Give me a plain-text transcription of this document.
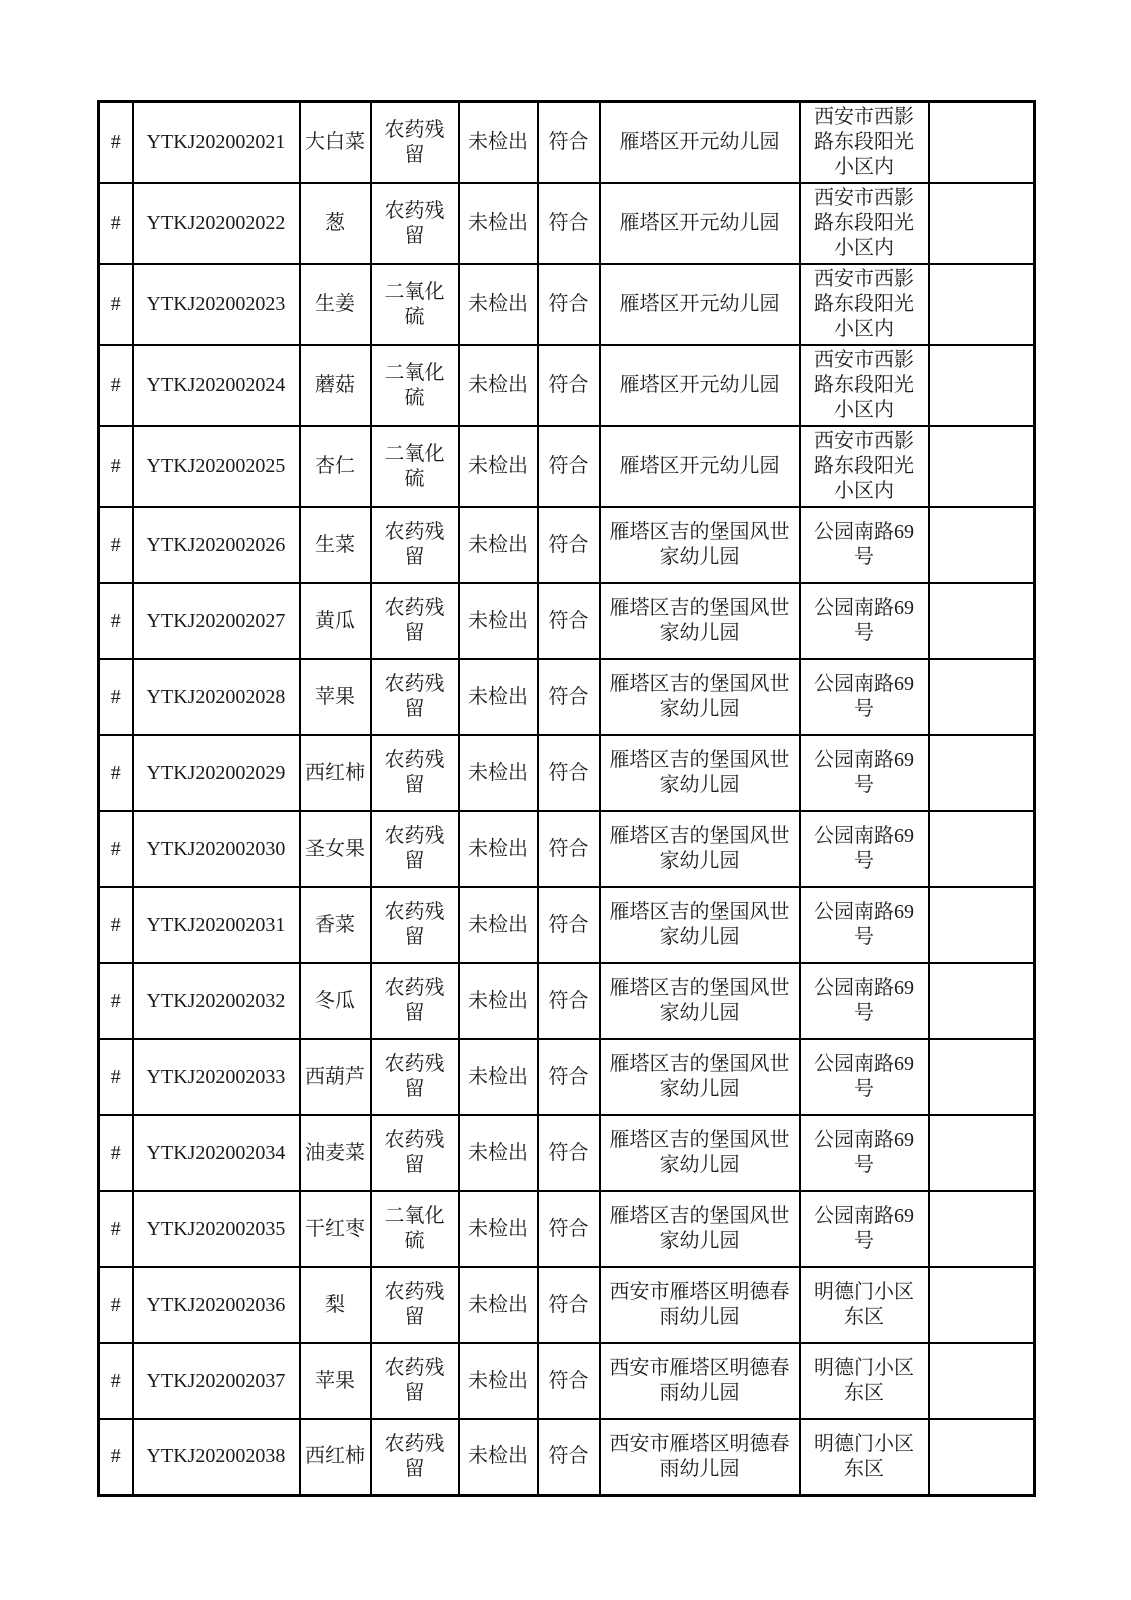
#	YTKJ202002021	大白菜	农药残留	未检出	符合	雁塔区开元幼儿园	西安市西影路东段阳光小区内	
#	YTKJ202002022	葱	农药残留	未检出	符合	雁塔区开元幼儿园	西安市西影路东段阳光小区内	
#	YTKJ202002023	生姜	二氧化硫	未检出	符合	雁塔区开元幼儿园	西安市西影路东段阳光小区内	
#	YTKJ202002024	蘑菇	二氧化硫	未检出	符合	雁塔区开元幼儿园	西安市西影路东段阳光小区内	
#	YTKJ202002025	杏仁	二氧化硫	未检出	符合	雁塔区开元幼儿园	西安市西影路东段阳光小区内	
#	YTKJ202002026	生菜	农药残留	未检出	符合	雁塔区吉的堡国风世家幼儿园	公园南路69号	
#	YTKJ202002027	黄瓜	农药残留	未检出	符合	雁塔区吉的堡国风世家幼儿园	公园南路69号	
#	YTKJ202002028	苹果	农药残留	未检出	符合	雁塔区吉的堡国风世家幼儿园	公园南路69号	
#	YTKJ202002029	西红柿	农药残留	未检出	符合	雁塔区吉的堡国风世家幼儿园	公园南路69号	
#	YTKJ202002030	圣女果	农药残留	未检出	符合	雁塔区吉的堡国风世家幼儿园	公园南路69号	
#	YTKJ202002031	香菜	农药残留	未检出	符合	雁塔区吉的堡国风世家幼儿园	公园南路69号	
#	YTKJ202002032	冬瓜	农药残留	未检出	符合	雁塔区吉的堡国风世家幼儿园	公园南路69号	
#	YTKJ202002033	西葫芦	农药残留	未检出	符合	雁塔区吉的堡国风世家幼儿园	公园南路69号	
#	YTKJ202002034	油麦菜	农药残留	未检出	符合	雁塔区吉的堡国风世家幼儿园	公园南路69号	
#	YTKJ202002035	干红枣	二氧化硫	未检出	符合	雁塔区吉的堡国风世家幼儿园	公园南路69号	
#	YTKJ202002036	梨	农药残留	未检出	符合	西安市雁塔区明德春雨幼儿园	明德门小区东区	
#	YTKJ202002037	苹果	农药残留	未检出	符合	西安市雁塔区明德春雨幼儿园	明德门小区东区	
#	YTKJ202002038	西红柿	农药残留	未检出	符合	西安市雁塔区明德春雨幼儿园	明德门小区东区	
